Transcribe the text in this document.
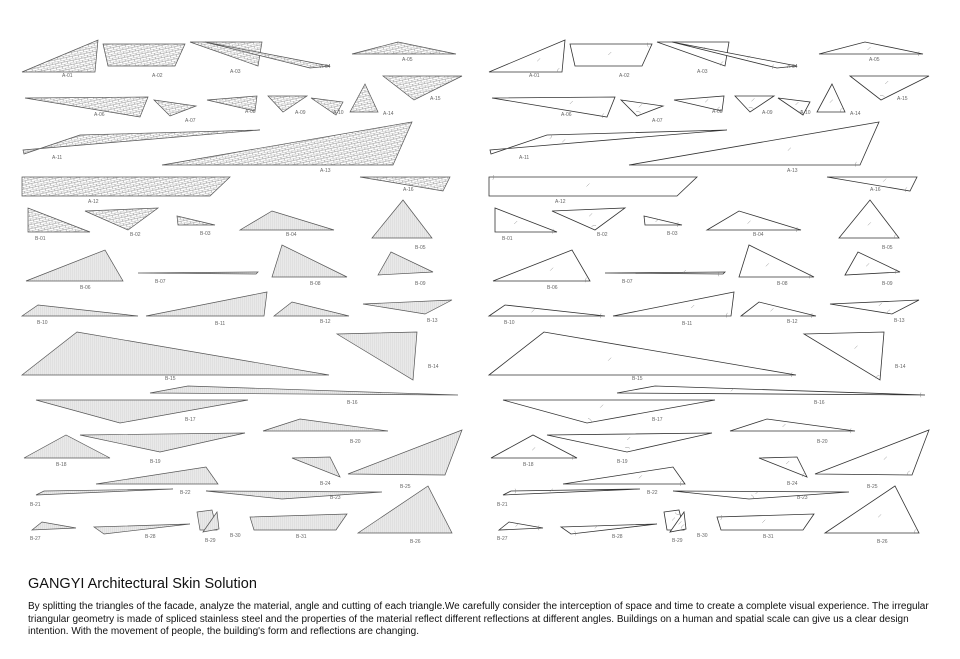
A-01	A-02
A-03
A-04
A-05
A-06
A-07
A-08	A-09	A-10	A-14
A-15
A-11
A-13
A-12
A-16
B-01
B-02	B-03	B-04
B-05
B-06
B-07	B-08	B-09
B-10	B-11	B-12	B-13
B-15
B-14
B-16
B-17
B-20
B-18	B-19
B-24
B-22
B-25
B-21
B-23
B-27	B-28
B-29
B-30	B-31
B-26
A-01	A-02
A-03
A-04
A-05
A-06
A-07
A-08	A-09	A-10	A-14
A-15
A-11
A-13
A-12
A-16
B-01
B-02	B-03	B-04
B-05
B-06
B-07	B-08	B-09
B-10	B-11	B-12	B-13
B-15
B-14
B-16
B-17
B-20
B-18	B-19
B-24
B-22
B-25
B-21
B-23
B-27	B-28
B-29
B-30	B-31
B-26
GANGYI Architectural Skin Solution

By splitting the triangles of the facade, analyze the material, angle and cutting of each triangle.We carefully consider the interception of space and time to create a complete visual experience. The irregular triangular geometry is made of spliced stainless steel and the properties of the material reflect different reflections at different angles. Buildings on a human and spatial scale can give us a clear design intention. With the movement of people, the building's form and reflections are changing.
